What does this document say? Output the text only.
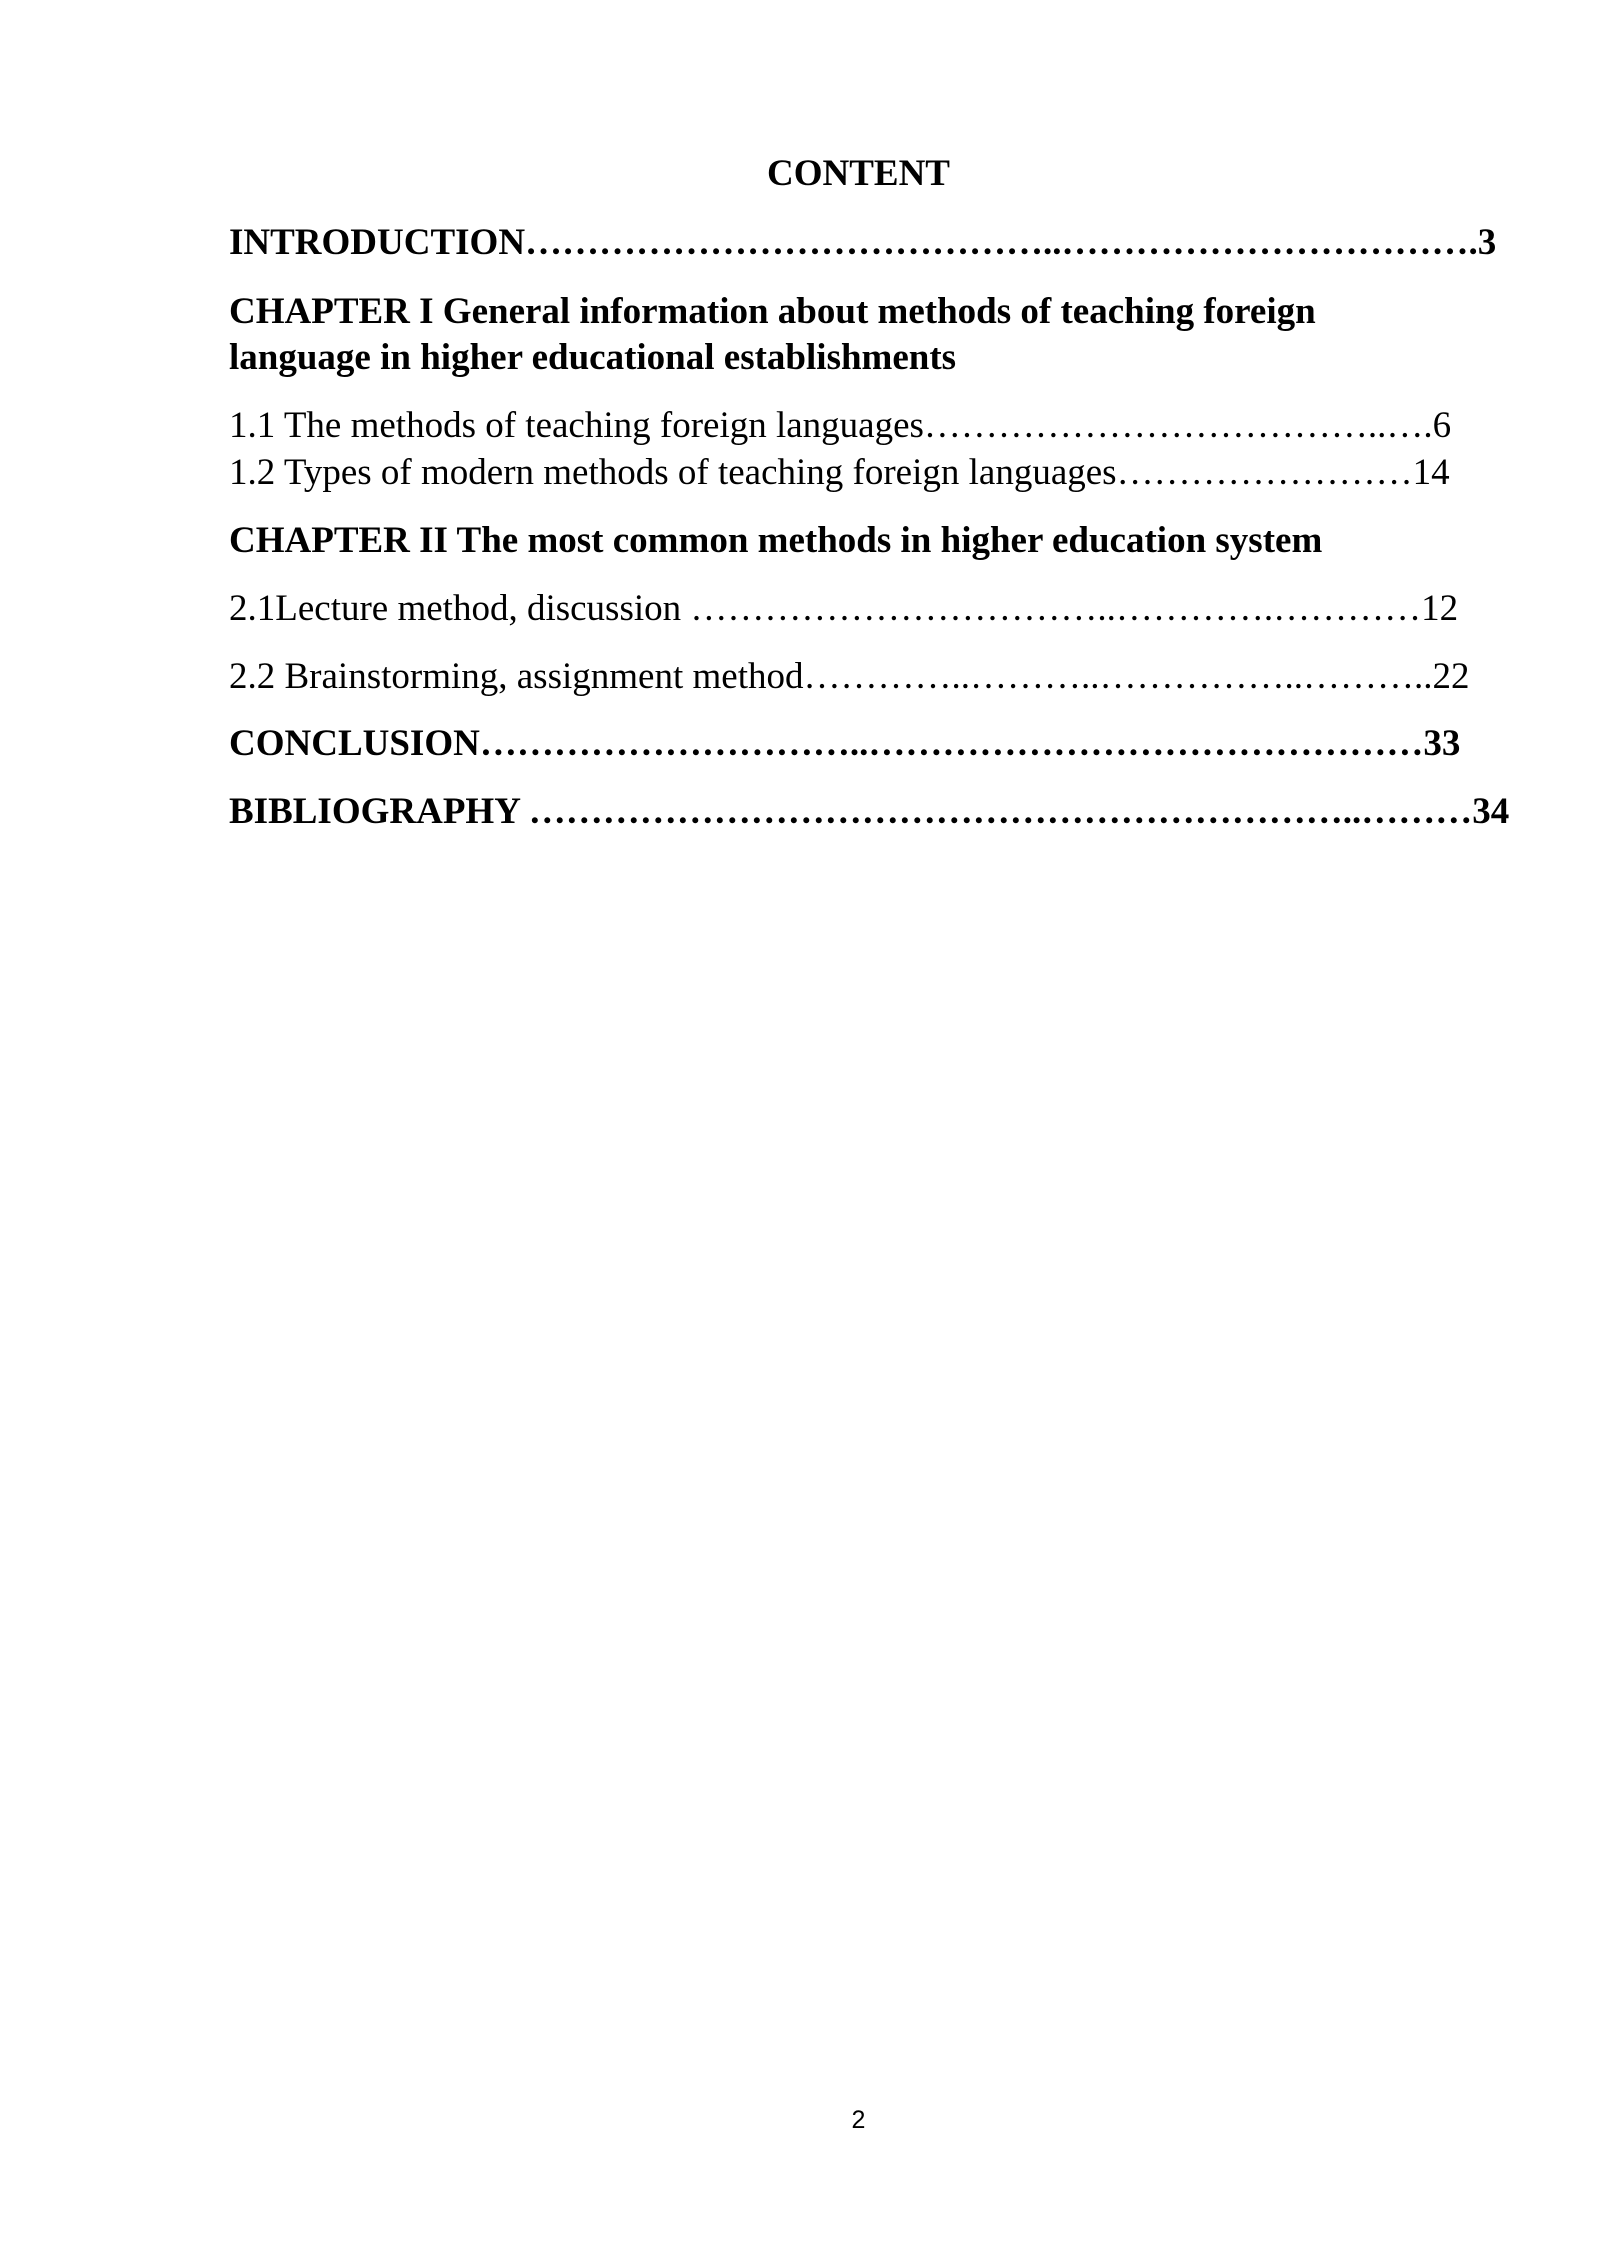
CONTENT
INTRODUCTION……………………………………..…………………………….3
CHAPTER I General information about methods of teaching foreign
language in higher educational establishments
1.1 The methods of teaching foreign languages………………………………..….6
1.2 Types of modern methods of teaching foreign languages……………………14
CHAPTER II The most common methods in higher education system
2.1Lecture method, discussion ……………………………..………….…………12
2.2 Brainstorming, assignment method…………..………..……………..………..22
CONCLUSION…………………………..………………………………………33
BIBLIOGRAPHY …………………………………………………………..………34
2
